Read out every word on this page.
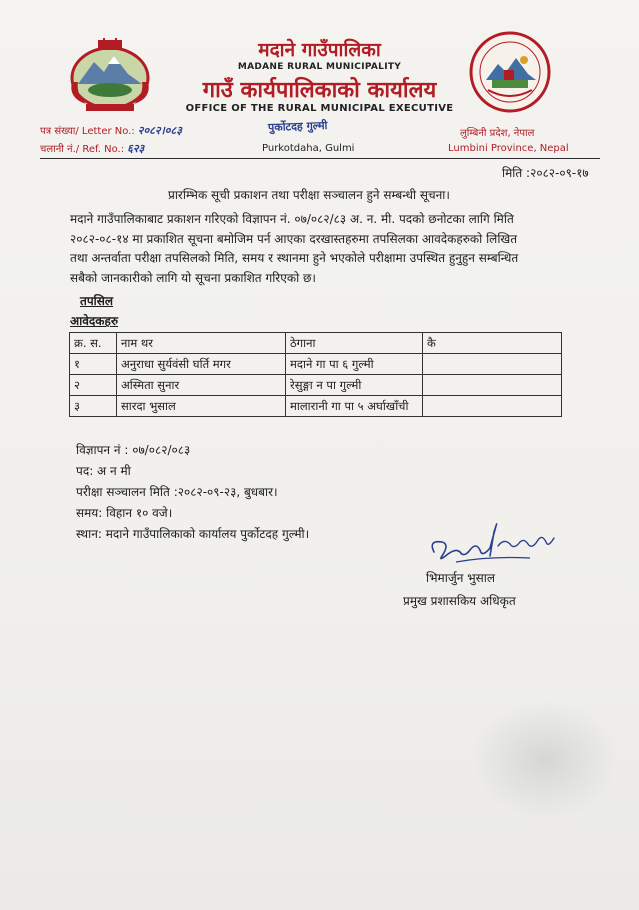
मदाने गाउँपालिका
MADANE RURAL MUNICIPALITY
गाउँ कार्यपालिकाको कार्यालय
OFFICE OF THE RURAL MUNICIPAL EXECUTIVE
पत्र संख्या/ Letter No.: २०८२।०८३
चलानी नं./ Ref. No.: ६२३
पुर्कोटदह गुल्मी
Purkotdaha, Gulmi
लुम्बिनी प्रदेश, नेपाल
Lumbini Province, Nepal
मिति :२०८२-०९-१७
प्रारम्भिक सूची प्रकाशन तथा परीक्षा सञ्चालन हुने सम्बन्धी सूचना।
मदाने गाउँपालिकाबाट प्रकाशन गरिएको विज्ञापन नं. ०७/०८२/८३ अ. न. मी. पदको छनोटका लागि मिति
२०८२-०८-१४ मा प्रकाशित सूचना बमोजिम पर्न आएका दरखास्तहरुमा तपसिलका आवदेकहरुको लिखित
तथा अन्तर्वाता परीक्षा तपसिलको मिति, समय र स्थानमा हुने भएकोले परीक्षामा उपस्थित हुनुहुन सम्बन्धित
सबैको जानकारीको लागि यो सूचना प्रकाशित गरिएको छ।
तपसिल
आवेदकहरु
क्र. स.	नाम थर	ठेगाना	कै
१	अनुराधा सुर्यवंसी घर्ति मगर	मदाने गा पा ६ गुल्मी	
२	अस्मिता सुनार	रेसुङ्गा न पा गुल्मी	
३	सारदा भुसाल	मालारानी गा पा ५ अर्घाखाँची	
विज्ञापन नं : ०७/०८२/०८३
पद: अ न मी
परीक्षा सञ्चालन मिति :२०८२-०९-२३, बुधबार।
समय: विहान १० वजे।
स्थान: मदाने गाउँपालिकाको कार्यालय पुर्कोटदह गुल्मी।
भिमार्जुन भुसाल
प्रमुख प्रशासकिय अधिकृत
